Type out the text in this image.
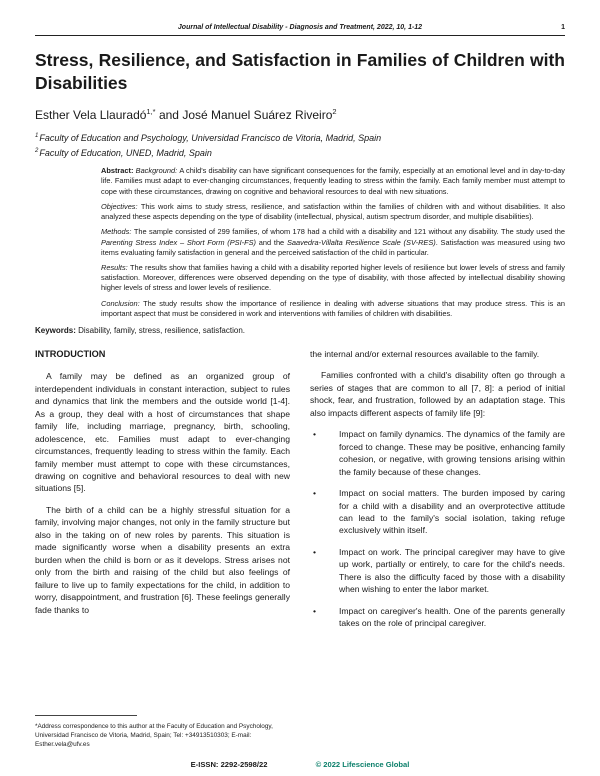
Journal of Intellectual Disability - Diagnosis and Treatment, 2022, 10, 1-12	1
Stress, Resilience, and Satisfaction in Families of Children with Disabilities

Esther Vela Llauradó$^{1,*}$ and José Manuel Suárez Riveiro$^2$

$^1$Faculty of Education and Psychology, Universidad Francisco de Vitoria, Madrid, Spain

$^2$Faculty of Education, UNED, Madrid, Spain

Abstract: Background: A child's disability can have significant consequences for the family, especially at an emotional level and in day-to-day life. Families must adapt to ever-changing circumstances, frequently leading to stress within the family. Each family member must attempt to cope with these circumstances, drawing on cognitive and behavioral resources to deal with new situations.

Objectives: This work aims to study stress, resilience, and satisfaction within the families of children with and without disabilities. It also analyzed these aspects depending on the type of disability (intellectual, physical, autism spectrum disorder, and multiple disabilities).

Methods: The sample consisted of 299 families, of whom 178 had a child with a disability and 121 without any disability. The study used the Parenting Stress Index – Short Form (PSI-FS) and the Saavedra-Villalta Resilience Scale (SV-RES). Satisfaction was measured using two items evaluating family satisfaction in general and the perceived satisfaction of the child in particular.

Results: The results show that families having a child with a disability reported higher levels of resilience but lower levels of stress and family satisfaction. Moreover, differences were observed depending on the type of disability, with those affected by intellectual disability showing higher levels of stress and lower levels of resilience.

Conclusion: The study results show the importance of resilience in dealing with adverse situations that may produce stress. This is an important aspect that must be considered in work and interventions with families of children with disabilities.

Keywords: Disability, family, stress, resilience, satisfaction.

INTRODUCTION

A family may be defined as an organized group of interdependent individuals in constant interaction, subject to rules and dynamics that link the members and the outside world [1-4]. As a group, they deal with a host of circumstances that shape family life, including marriage, pregnancy, birth, schooling, adolescence, etc. Families must adapt to ever-changing circumstances, frequently leading to stress within the family. Each family member must attempt to cope with these circumstances, drawing on cognitive and behavioral resources to deal with new situations [5].

The birth of a child can be a highly stressful situation for a family, involving major changes, not only in the family structure but also in the taking on of new roles by parents. This situation is made significantly worse when a disability presents an extra burden when the child is born or as it develops. Stress arises not only from the birth and raising of the child but also feelings of failure to live up to family expectations for the child, in addition to worry, disappointment, and frustration [6]. These feelings generally fade thanks to

the internal and/or external resources available to the family.

Families confronted with a child's disability often go through a series of stages that are common to all [7, 8]: a period of initial shock, fear, and frustration, followed by an adaptation stage. This also impacts different aspects of family life [9]:

•	Impact on family dynamics. The dynamics of the family are forced to change. These may be positive, enhancing family cohesion, or negative, with growing tensions arising within the family because of these changes.

•	Impact on social matters. The burden imposed by caring for a child with a disability and an overprotective attitude can lead to the family's social isolation, taking refuge exclusively within itself.

•	Impact on work. The principal caregiver may have to give up work, partially or entirely, to care for the child's needs. There is also the difficulty faced by those with a disability when wishing to enter the labor market.

•	Impact on caregiver's health. One of the parents generally takes on the role of principal caregiver.

*Address correspondence to this author at the Faculty of Education and Psychology, Universidad Francisco de Vitoria, Madrid, Spain; Tel: +34913510303; E-mail: Esther.vela@ufv.es

E-ISSN: 2292-2598/22	© 2022 Lifescience Global
